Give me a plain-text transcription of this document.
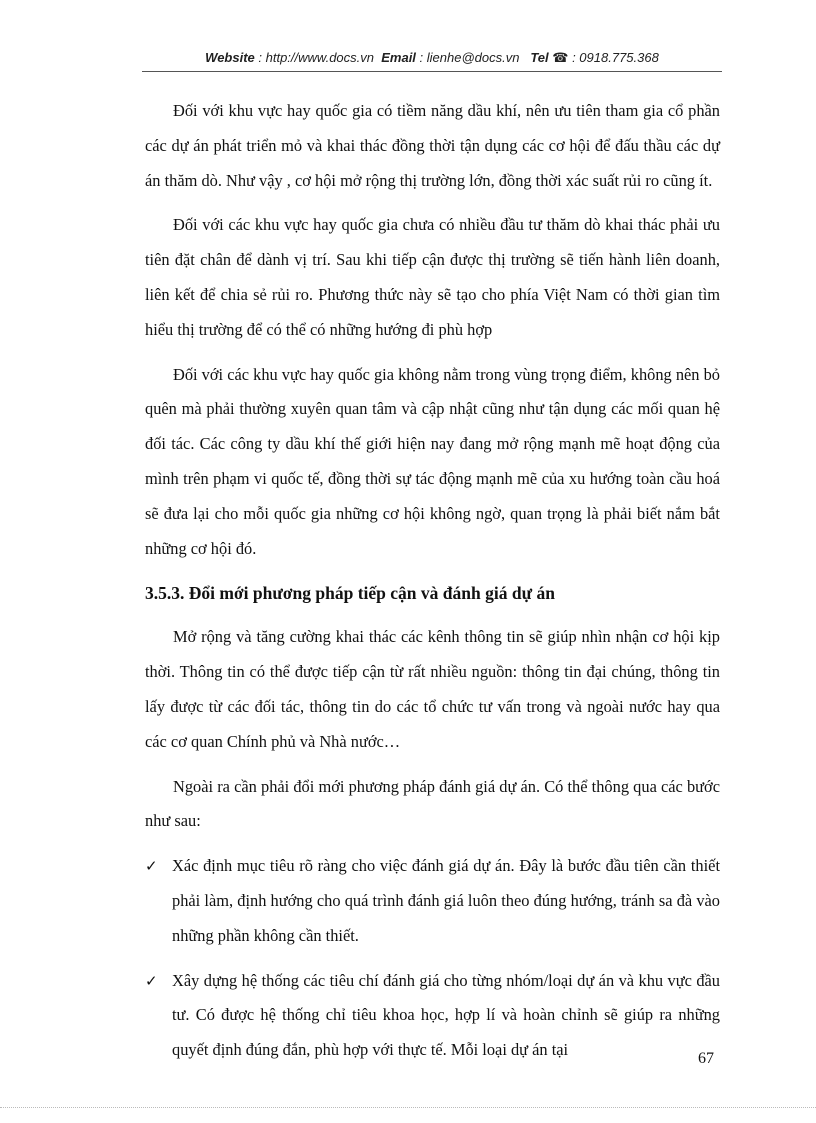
Website : http://www.docs.vn Email : lienhe@docs.vn Tel ☎ : 0918.775.368

Đối với khu vực hay quốc gia có tiềm năng dầu khí, nên ưu tiên tham gia cổ phần các dự án phát triển mỏ và khai thác đồng thời tận dụng các cơ hội để đấu thầu các dự án thăm dò. Như vậy , cơ hội mở rộng thị trường lớn, đồng thời xác suất rủi ro cũng ít.

Đối với các khu vực hay quốc gia chưa có nhiều đầu tư thăm dò khai thác phải ưu tiên đặt chân để dành vị trí. Sau khi tiếp cận được thị trường sẽ tiến hành liên doanh, liên kết để chia sẻ rủi ro. Phương thức này sẽ tạo cho phía Việt Nam có thời gian tìm hiểu thị trường để có thể có những hướng đi phù hợp

Đối với các khu vực hay quốc gia không nằm trong vùng trọng điểm, không nên bỏ quên mà phải thường xuyên quan tâm và cập nhật cũng như tận dụng các mối quan hệ đối tác. Các công ty dầu khí thế giới hiện nay đang mở rộng mạnh mẽ hoạt động của mình trên phạm vi quốc tế, đồng thời sự tác động mạnh mẽ của xu hướng toàn cầu hoá sẽ đưa lại cho mỗi quốc gia những cơ hội không ngờ, quan trọng là phải biết nắm bắt những cơ hội đó.

3.5.3. Đổi mới phương pháp tiếp cận và đánh giá dự án

Mở rộng và tăng cường khai thác các kênh thông tin sẽ giúp nhìn nhận cơ hội kịp thời. Thông tin có thể được tiếp cận từ rất nhiều nguồn: thông tin đại chúng, thông tin lấy được từ các đối tác, thông tin do các tổ chức tư vấn trong và ngoài nước hay qua các cơ quan Chính phủ và Nhà nước…

Ngoài ra cần phải đổi mới phương pháp đánh giá dự án. Có thể thông qua các bước như sau:

✓ Xác định mục tiêu rõ ràng cho việc đánh giá dự án. Đây là bước đầu tiên cần thiết phải làm, định hướng cho quá trình đánh giá luôn theo đúng hướng, tránh sa đà vào những phần không cần thiết.
✓ Xây dựng hệ thống các tiêu chí đánh giá cho từng nhóm/loại dự án và khu vực đầu tư. Có được hệ thống chỉ tiêu khoa học, hợp lí và hoàn chỉnh sẽ giúp ra những quyết định đúng đắn, phù hợp với thực tế. Mỗi loại dự án tại	67
